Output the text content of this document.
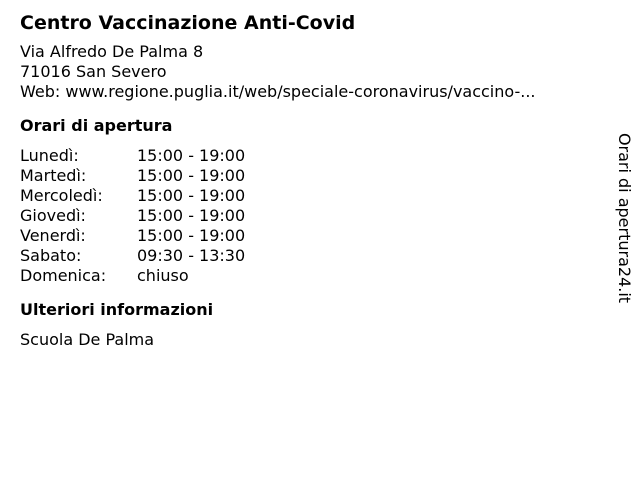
Centro Vaccinazione Anti-Covid
Via Alfredo De Palma 8
71016 San Severo
Web: www.regione.puglia.it/web/speciale-coronavirus/vaccino-...
Orari di apertura
Lunedì:	15:00 - 19:00
Martedì:	15:00 - 19:00
Mercoledì:	15:00 - 19:00
Giovedì:	15:00 - 19:00
Venerdì:	15:00 - 19:00
Sabato:	09:30 - 13:30
Domenica:	chiuso
Ulteriori informazioni
Scuola De Palma
Orari di apertura24.it
